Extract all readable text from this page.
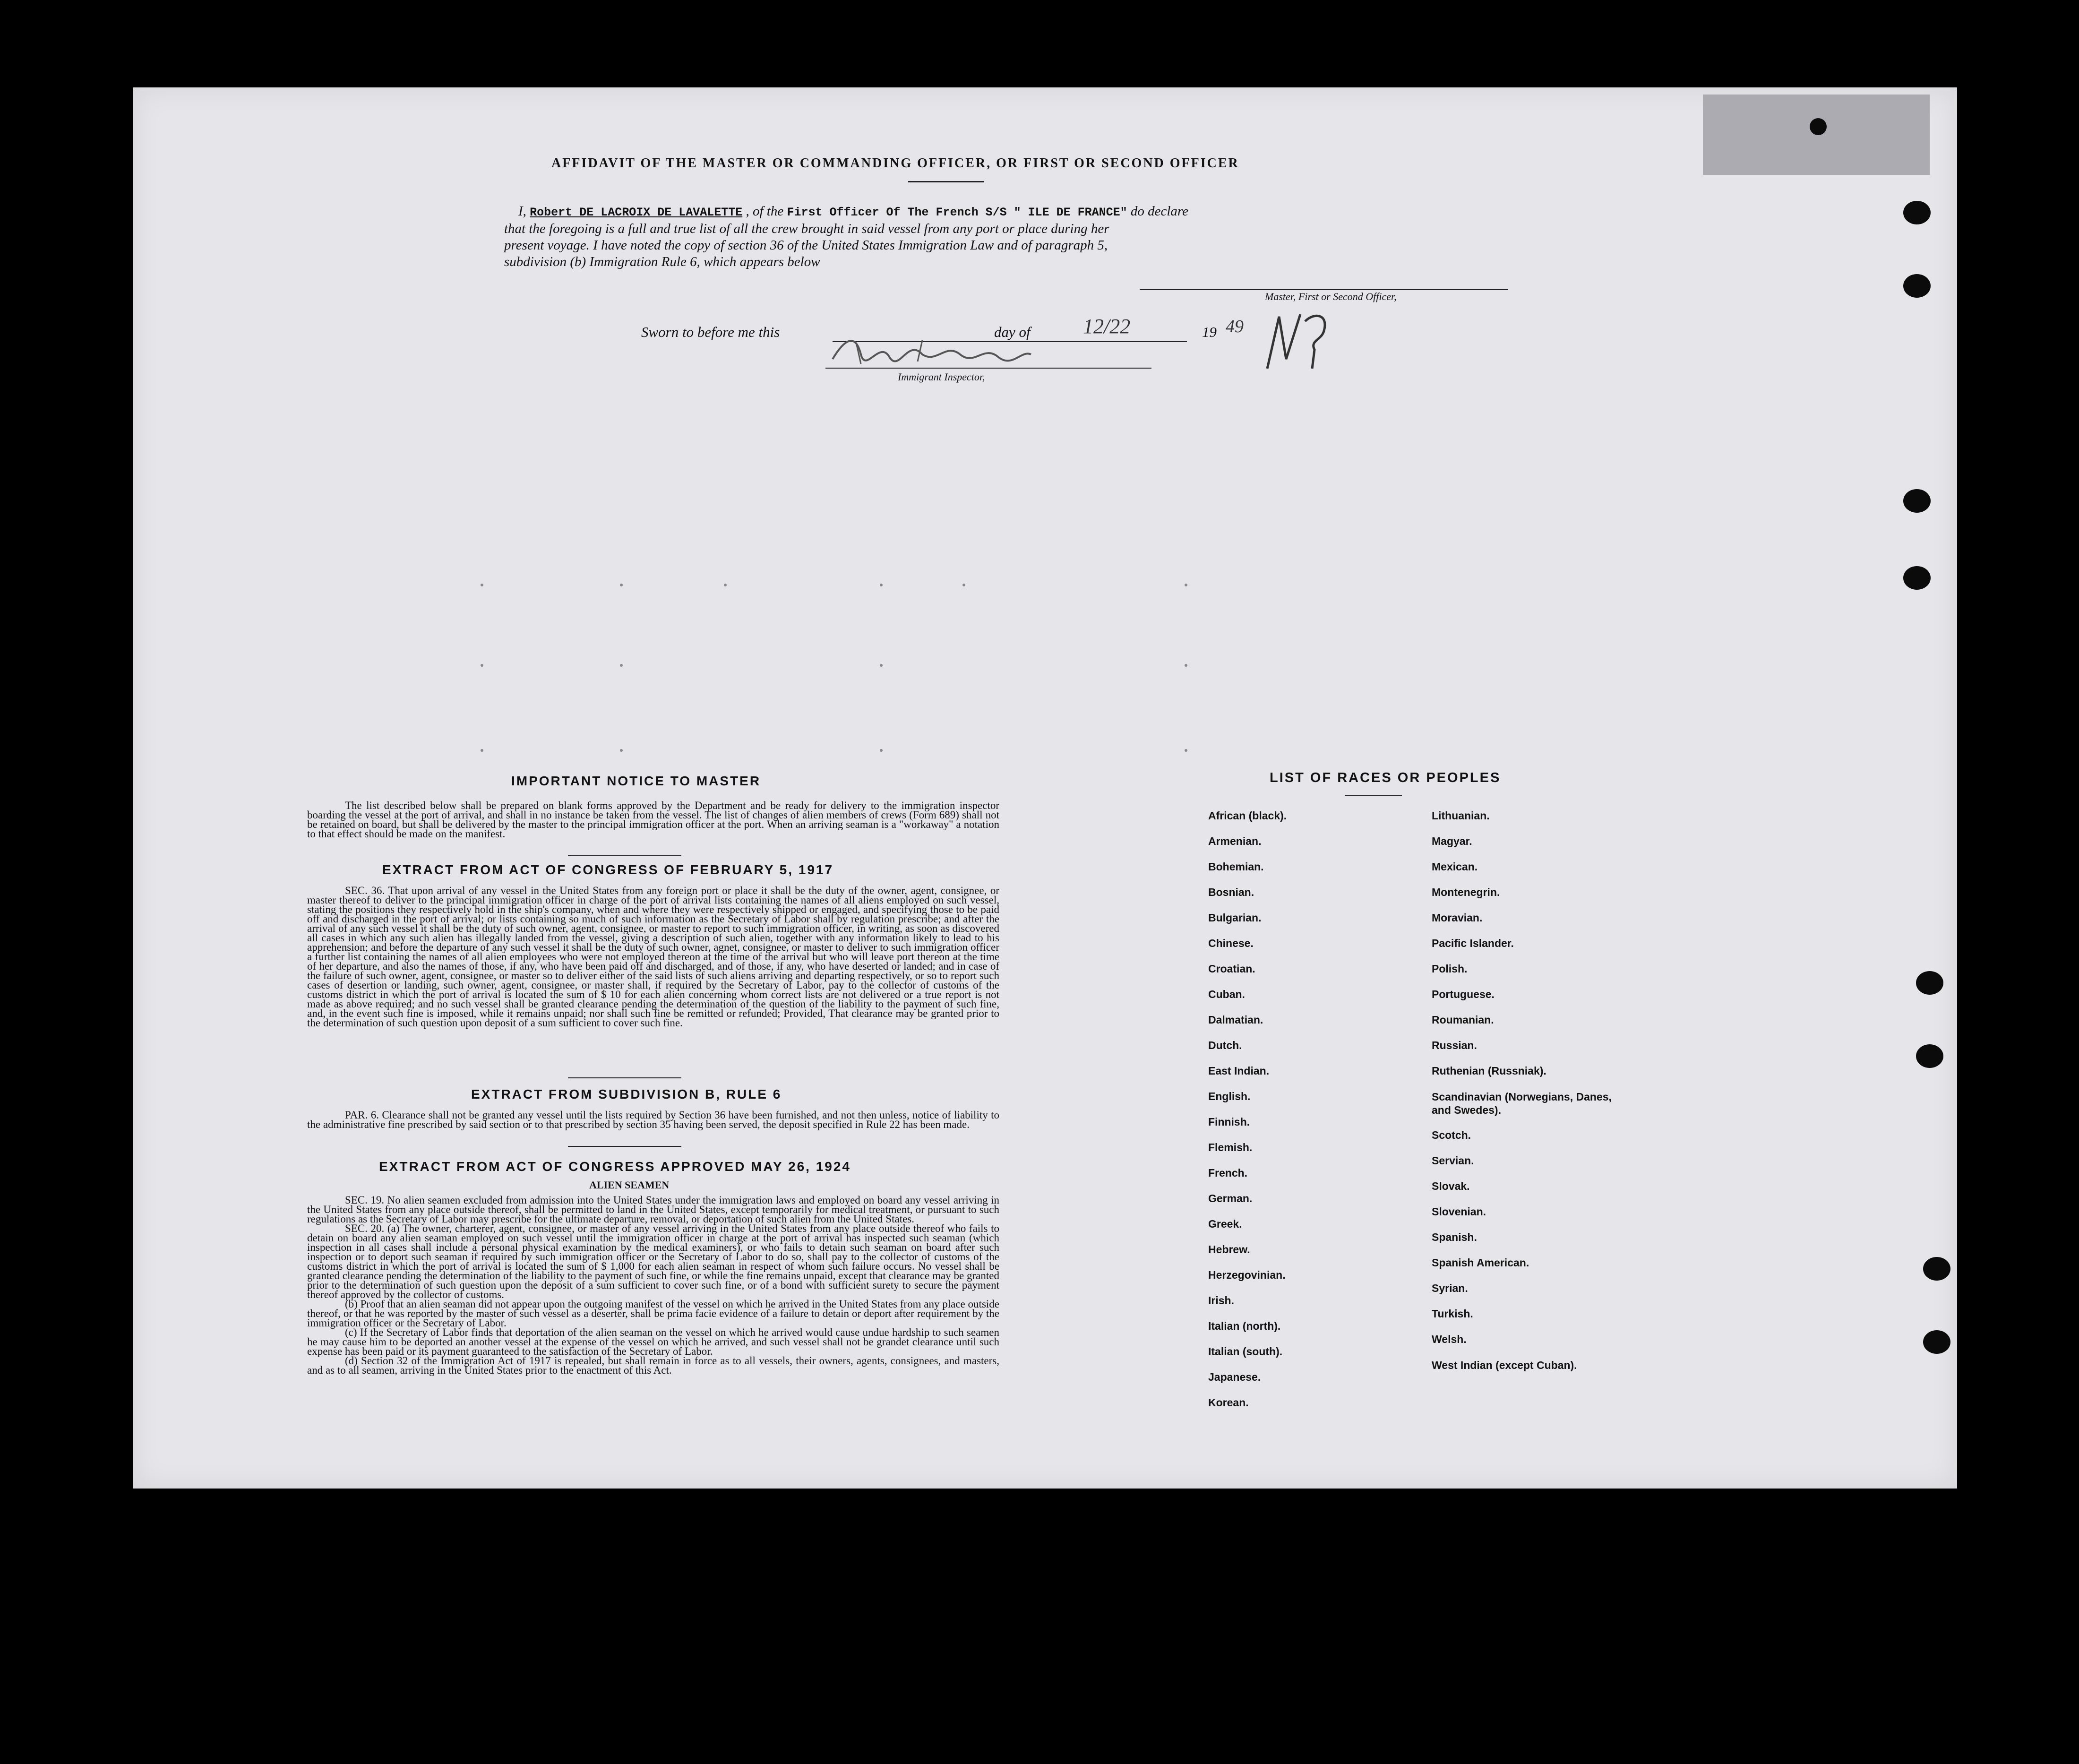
AFFIDAVIT OF THE MASTER OR COMMANDING OFFICER, OR FIRST OR SECOND OFFICER
I, Robert DE LACROIX DE LAVALETTE , of the First Officer Of The French S/S " ILE DE FRANCE" do declare
that the foregoing is a full and true list of all the crew brought in said vessel from any port or place during her
present voyage. I have noted the copy of section 36 of the United States Immigration Law and of paragraph 5,
subdivision (b) Immigration Rule 6, which appears below
Master, First or Second Officer,
Sworn to before me this	day of	12/22	19 49
Immigrant Inspector,
IMPORTANT NOTICE TO MASTER

The list described below shall be prepared on blank forms approved by the Department and be ready for delivery to the immigration inspector boarding the vessel at the port of arrival, and shall in no instance be taken from the vessel. The list of changes of alien members of crews (Form 689) shall not be retained on board, but shall be delivered by the master to the principal immigration officer at the port. When an arriving seaman is a "workaway" a notation to that effect should be made on the manifest.

EXTRACT FROM ACT OF CONGRESS OF FEBRUARY 5, 1917

SEC. 36. That upon arrival of any vessel in the United States from any foreign port or place it shall be the duty of the owner, agent, consignee, or master thereof to deliver to the principal immigration officer in charge of the port of arrival lists containing the names of all aliens employed on such vessel, stating the positions they respectively hold in the ship's company, when and where they were respectively shipped or engaged, and specifying those to be paid off and discharged in the port of arrival; or lists containing so much of such information as the Secretary of Labor shall by regulation prescribe; and after the arrival of any such vessel it shall be the duty of such owner, agent, consignee, or master to report to such immigration officer, in writing, as soon as discovered all cases in which any such alien has illegally landed from the vessel, giving a description of such alien, together with any information likely to lead to his apprehension; and before the departure of any such vessel it shall be the duty of such owner, agnet, consignee, or master to deliver to such immigration officer a further list containing the names of all alien employees who were not employed thereon at the time of the arrival but who will leave port thereon at the time of her departure, and also the names of those, if any, who have been paid off and discharged, and of those, if any, who have deserted or landed; and in case of the failure of such owner, agent, consignee, or master so to deliver either of the said lists of such aliens arriving and departing respectively, or so to report such cases of desertion or landing, such owner, agent, consignee, or master shall, if required by the Secretary of Labor, pay to the collector of customs of the customs district in which the port of arrival is located the sum of $ 10 for each alien concerning whom correct lists are not delivered or a true report is not made as above required; and no such vessel shall be granted clearance pending the determination of the question of the liability to the payment of such fine, and, in the event such fine is imposed, while it remains unpaid; nor shall such fine be remitted or refunded; Provided, That clearance may be granted prior to the determination of such question upon deposit of a sum sufficient to cover such fine.

EXTRACT FROM SUBDIVISION B, RULE 6

PAR. 6. Clearance shall not be granted any vessel until the lists required by Section 36 have been furnished, and not then unless, notice of liability to the administrative fine prescribed by said section or to that prescribed by section 35 having been served, the deposit specified in Rule 22 has been made.

EXTRACT FROM ACT OF CONGRESS APPROVED MAY 26, 1924
ALIEN SEAMEN

SEC. 19. No alien seamen excluded from admission into the United States under the immigration laws and employed on board any vessel arriving in the United States from any place outside thereof, shall be permitted to land in the United States, except temporarily for medical treatment, or pursuant to such regulations as the Secretary of Labor may prescribe for the ultimate departure, removal, or deportation of such alien from the United States.

SEC. 20. (a) The owner, charterer, agent, consignee, or master of any vessel arriving in the United States from any place outside thereof who fails to detain on board any alien seaman employed on such vessel until the immigration officer in charge at the port of arrival has inspected such seaman (which inspection in all cases shall include a personal physical examination by the medical examiners), or who fails to detain such seaman on board after such inspection or to deport such seaman if required by such immigration officer or the Secretary of Labor to do so, shall pay to the collector of customs of the customs district in which the port of arrival is located the sum of $ 1,000 for each alien seaman in respect of whom such failure occurs. No vessel shall be granted clearance pending the determination of the liability to the payment of such fine, or while the fine remains unpaid, except that clearance may be granted prior to the determination of such question upon the deposit of a sum sufficient to cover such fine, or of a bond with sufficient surety to secure the payment thereof approved by the collector of customs.

(b) Proof that an alien seaman did not appear upon the outgoing manifest of the vessel on which he arrived in the United States from any place outside thereof, or that he was reported by the master of such vessel as a deserter, shall be prima facie evidence of a failure to detain or deport after requirement by the immigration officer or the Secretary of Labor.

(c) If the Secretary of Labor finds that deportation of the alien seaman on the vessel on which he arrived would cause undue hardship to such seamen he may cause him to be deported an another vessel at the expense of the vessel on which he arrived, and such vessel shall not be grandet clearance until such expense has been paid or its payment guaranteed to the satisfaction of the Secretary of Labor.

(d) Section 32 of the Immigration Act of 1917 is repealed, but shall remain in force as to all vessels, their owners, agents, consignees, and masters, and as to all seamen, arriving in the United States prior to the enactment of this Act.

LIST OF RACES OR PEOPLES
African (black).
Armenian.
Bohemian.
Bosnian.
Bulgarian.
Chinese.
Croatian.
Cuban.
Dalmatian.
Dutch.
East Indian.
English.
Finnish.
Flemish.
French.
German.
Greek.
Hebrew.
Herzegovinian.
Irish.
Italian (north).
Italian (south).
Japanese.
Korean.
Lithuanian.
Magyar.
Mexican.
Montenegrin.
Moravian.
Pacific Islander.
Polish.
Portuguese.
Roumanian.
Russian.
Ruthenian (Russniak).
Scandinavian (Norwegians, Danes, and Swedes).
Scotch.
Servian.
Slovak.
Slovenian.
Spanish.
Spanish American.
Syrian.
Turkish.
Welsh.
West Indian (except Cuban).
